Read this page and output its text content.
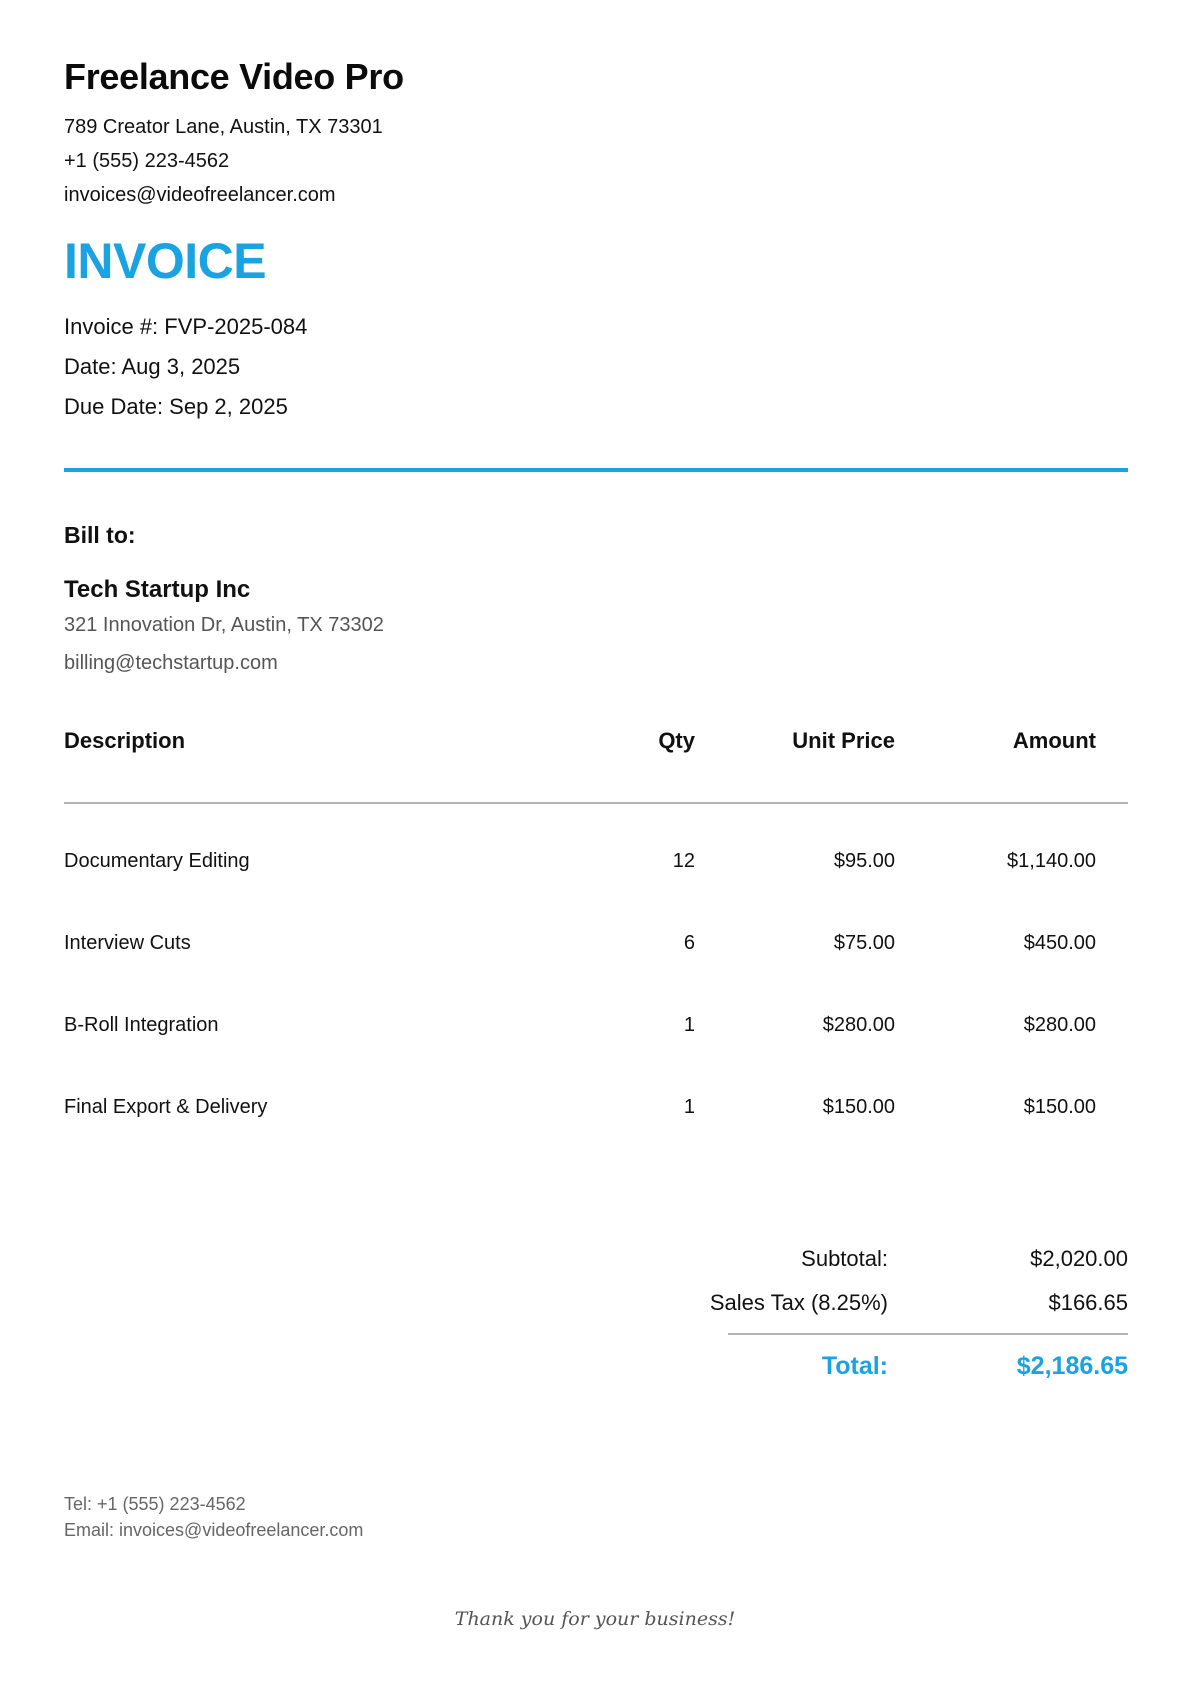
Freelance Video Pro
789 Creator Lane, Austin, TX 73301
+1 (555) 223-4562
invoices@videofreelancer.com
INVOICE
Invoice #: FVP-2025-084
Date: Aug 3, 2025
Due Date: Sep 2, 2025
Bill to:
Tech Startup Inc
321 Innovation Dr, Austin, TX 73302
billing@techstartup.com
Description	Qty	Unit Price	Amount
Documentary Editing	12	$95.00	$1,140.00
Interview Cuts	6	$75.00	$450.00
B-Roll Integration	1	$280.00	$280.00
Final Export & Delivery	1	$150.00	$150.00
Subtotal:	$2,020.00
Sales Tax (8.25%)	$166.65
Total:	$2,186.65
Tel: +1 (555) 223-4562
Email: invoices@videofreelancer.com
Thank you for your business!
